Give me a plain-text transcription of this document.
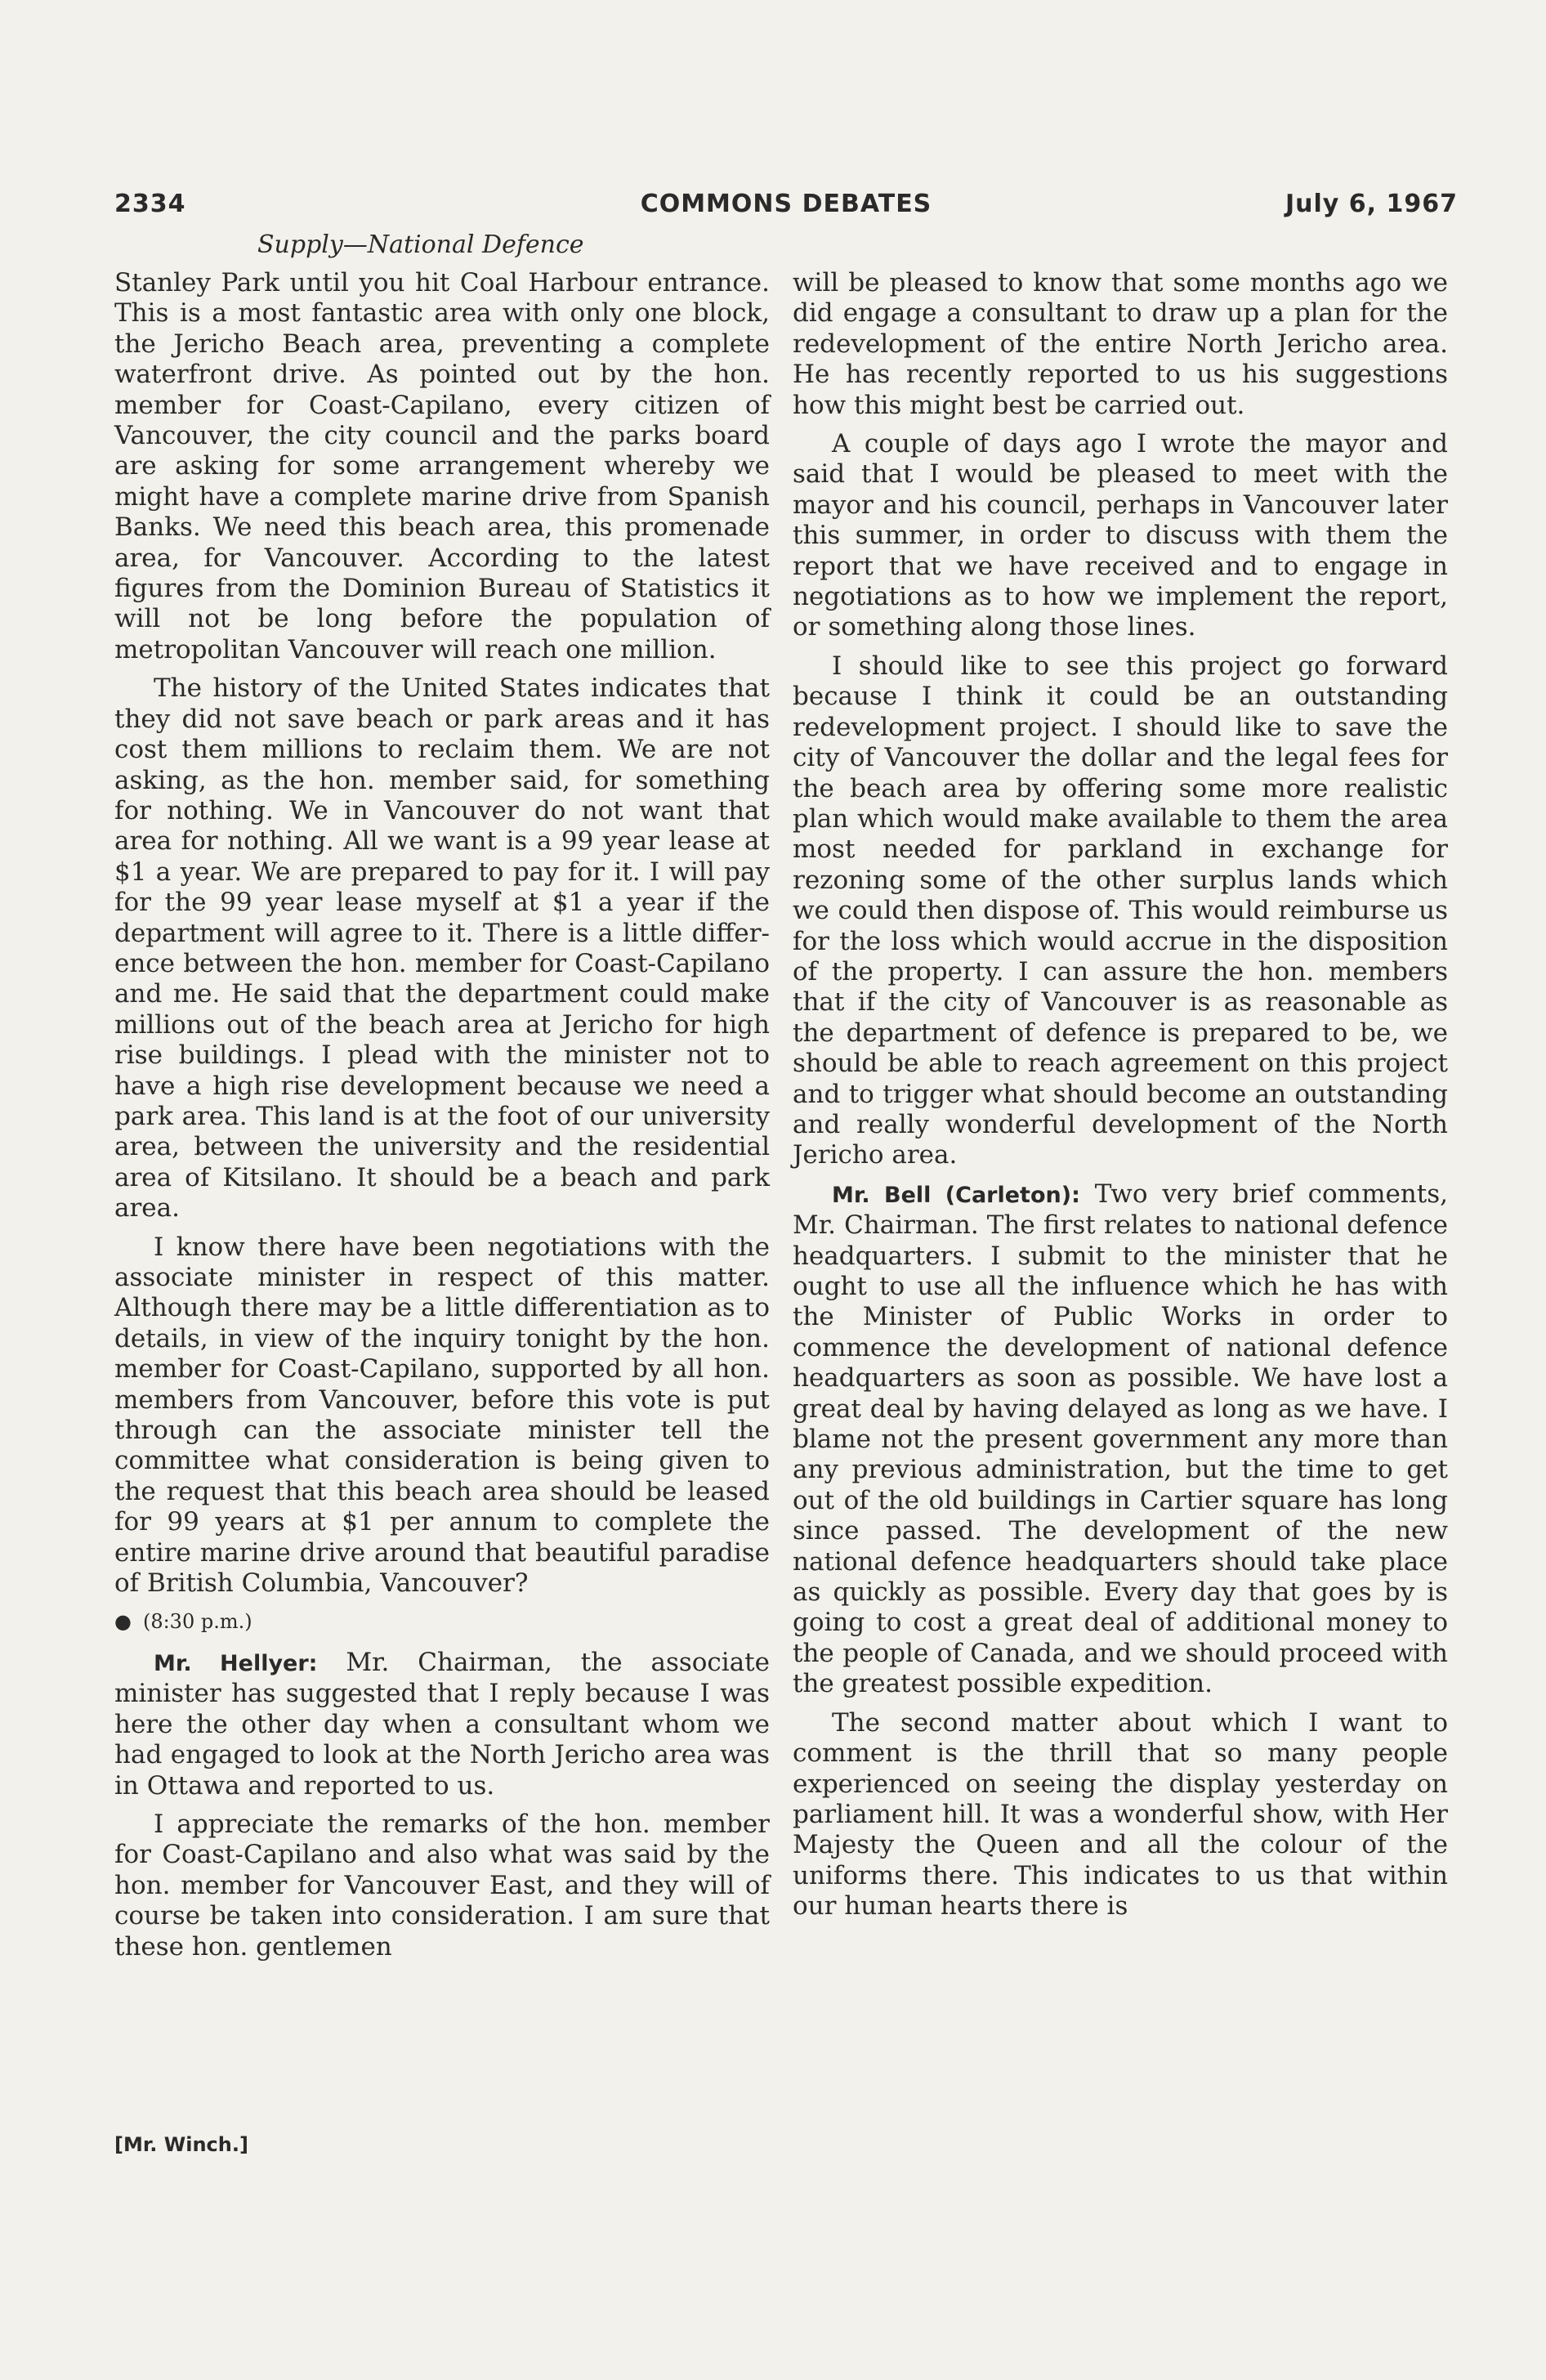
2334	COMMONS DEBATES	July 6, 1967
Supply—National Defence

Stanley Park until you hit Coal Harbour entrance. This is a most fantastic area with only one block, the Jericho Beach area, preventing a complete waterfront drive. As pointed out by the hon. member for Coast-Capilano, every citizen of Vancouver, the city council and the parks board are asking for some arrangement whereby we might have a complete marine drive from Spanish Banks. We need this beach area, this promenade area, for Vancouver. According to the latest figures from the Dominion Bureau of Statistics it will not be long before the population of metropolitan Vancouver will reach one million.

The history of the United States indicates that they did not save beach or park areas and it has cost them millions to reclaim them. We are not asking, as the hon. member said, for something for nothing. We in Vancouver do not want that area for nothing. All we want is a 99 year lease at $1 a year. We are prepared to pay for it. I will pay for the 99 year lease myself at $1 a year if the department will agree to it. There is a little difference between the hon. member for Coast-Capilano and me. He said that the department could make millions out of the beach area at Jericho for high rise buildings. I plead with the minister not to have a high rise development because we need a park area. This land is at the foot of our university area, between the university and the residential area of Kitsilano. It should be a beach and park area.

I know there have been negotiations with the associate minister in respect of this matter. Although there may be a little differentiation as to details, in view of the inquiry tonight by the hon. member for Coast-Capilano, supported by all hon. members from Vancouver, before this vote is put through can the associate minister tell the committee what consideration is being given to the request that this beach area should be leased for 99 years at $1 per annum to complete the entire marine drive around that beautiful paradise of British Columbia, Vancouver?

● (8:30 p.m.)

Mr. Hellyer: Mr. Chairman, the associate minister has suggested that I reply because I was here the other day when a consultant whom we had engaged to look at the North Jericho area was in Ottawa and reported to us.

I appreciate the remarks of the hon. member for Coast-Capilano and also what was said by the hon. member for Vancouver East, and they will of course be taken into consideration. I am sure that these hon. gentlemen

will be pleased to know that some months ago we did engage a consultant to draw up a plan for the redevelopment of the entire North Jericho area. He has recently reported to us his suggestions how this might best be carried out.

A couple of days ago I wrote the mayor and said that I would be pleased to meet with the mayor and his council, perhaps in Vancouver later this summer, in order to discuss with them the report that we have received and to engage in negotiations as to how we implement the report, or something along those lines.

I should like to see this project go forward because I think it could be an outstanding redevelopment project. I should like to save the city of Vancouver the dollar and the legal fees for the beach area by offering some more realistic plan which would make available to them the area most needed for parkland in exchange for rezoning some of the other surplus lands which we could then dispose of. This would reimburse us for the loss which would accrue in the disposition of the property. I can assure the hon. members that if the city of Vancouver is as reasonable as the department of defence is prepared to be, we should be able to reach agreement on this project and to trigger what should become an outstanding and really wonderful development of the North Jericho area.

Mr. Bell (Carleton): Two very brief comments, Mr. Chairman. The first relates to national defence headquarters. I submit to the minister that he ought to use all the influence which he has with the Minister of Public Works in order to commence the development of national defence headquarters as soon as possible. We have lost a great deal by having delayed as long as we have. I blame not the present government any more than any previous administration, but the time to get out of the old buildings in Cartier square has long since passed. The development of the new national defence headquarters should take place as quickly as possible. Every day that goes by is going to cost a great deal of additional money to the people of Canada, and we should proceed with the greatest possible expedition.

The second matter about which I want to comment is the thrill that so many people experienced on seeing the display yesterday on parliament hill. It was a wonderful show, with Her Majesty the Queen and all the colour of the uniforms there. This indicates to us that within our human hearts there is

[Mr. Winch.]
